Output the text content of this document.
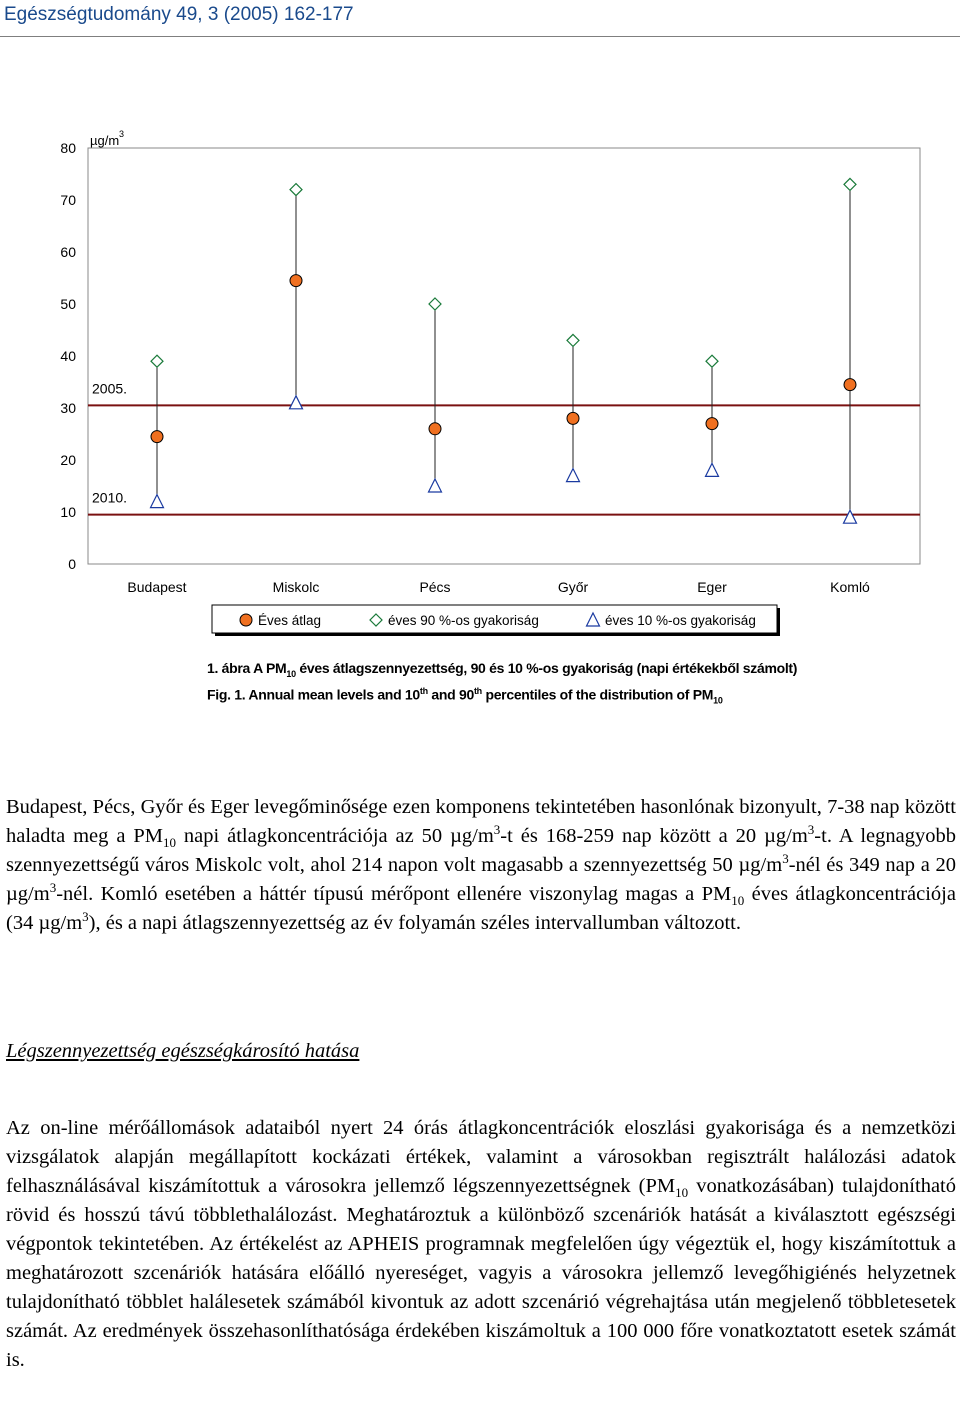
Egészségtudomány 49, 3 (2005) 162-177
0
10
20
30
40
50
60
70
80 µg/m 3
2005.
2010.
Budapest	Miskolc	Pécs	Győr	Eger	Komló
Éves átlag	éves 90 %-os gyakoriság	éves 10 %-os gyakoriság
1. ábra A $PM_{10}$ éves átlagszennyezettség, 90 és 10 %-os gyakoriság (napi értékekből számolt)
Fig. 1. Annual mean levels and 10th and 90th percentiles of the distribution of $PM_{10}$
Budapest, Pécs, Győr és Eger levegőminősége ezen komponens tekintetében hasonlónak bizonyult, 7-38 nap között haladta meg a $PM_{10}$ napi átlagkoncentrációja az 50 $\mu g/m^3-t$ és 168-259 nap között a 20 $\mu g/m^3-t$. A legnagyobb szennyezettségű város Miskolc volt, ahol 214 napon volt magasabb a szennyezettség 50 $\mu g/m^3$-nél és 349 nap a 20 $\mu g/m^3$-nél. Komló esetében a háttér típusú mérőpont ellenére viszonylag magas a $PM_{10}$ éves átlagkoncentrációja (34 $\mu g/m^3$), és a napi átlagszennyezettség az év folyamán széles intervallumban változott.
Légszennyezettség egészségkárosító hatása
Az on-line mérőállomások adataiból nyert 24 órás átlagkoncentrációk eloszlási gyakorisága és a nemzetközi vizsgálatok alapján megállapított kockázati értékek, valamint a városokban regisztrált halálozási adatok felhasználásával kiszámítottuk a városokra jellemző légszennyezettségnek ($PM_{10}$ vonatkozásában) tulajdonítható rövid és hosszú távú többlethalálozást. Meghatároztuk a különböző szcenáriók hatását a kiválasztott egészségi végpontok tekintetében. Az értékelést az APHEIS programnak megfelelően úgy végeztük el, hogy kiszámítottuk a meghatározott szcenáriók hatására előálló nyereséget, vagyis a városokra jellemző levegőhigiénés helyzetnek tulajdonítható többlet halálesetek számából kivontuk az adott szcenárió végrehajtása után megjelenő többletesetek számát. Az eredmények összehasonlíthatósága érdekében kiszámoltuk a 100 000 főre vonatkoztatott esetek számát is.
